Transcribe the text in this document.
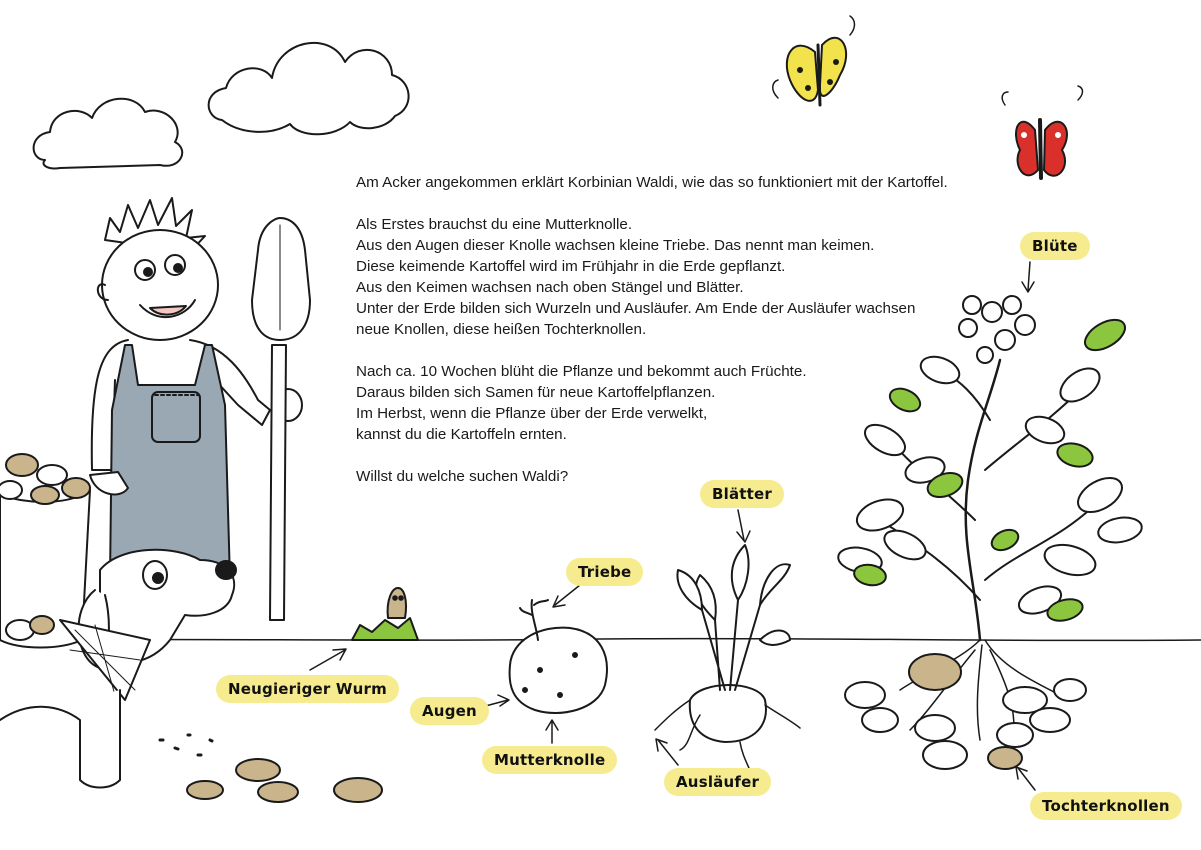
Am Acker angekommen erklärt Korbinian Waldi, wie das so funktioniert mit der Kartoffel.

Als Erstes brauchst du eine Mutterknolle.

Aus den Augen dieser Knolle wachsen kleine Triebe. Das nennt man keimen.

Diese keimende Kartoffel wird im Frühjahr in die Erde gepflanzt.

Aus den Keimen wachsen nach oben Stängel und Blätter.

Unter der Erde bilden sich Wurzeln und Ausläufer. Am Ende der Ausläufer wachsen

neue Knollen, diese heißen Tochterknollen.

Nach ca. 10 Wochen blüht die Pflanze und bekommt auch Früchte.

Daraus bilden sich Samen für neue Kartoffelpflanzen.

Im Herbst, wenn die Pflanze über der Erde verwelkt,

kannst du die Kartoffeln ernten.

Willst du welche suchen Waldi?

Blüte
Blätter
Triebe
Neugieriger Wurm
Augen
Mutterknolle
Ausläufer
Tochterknollen
